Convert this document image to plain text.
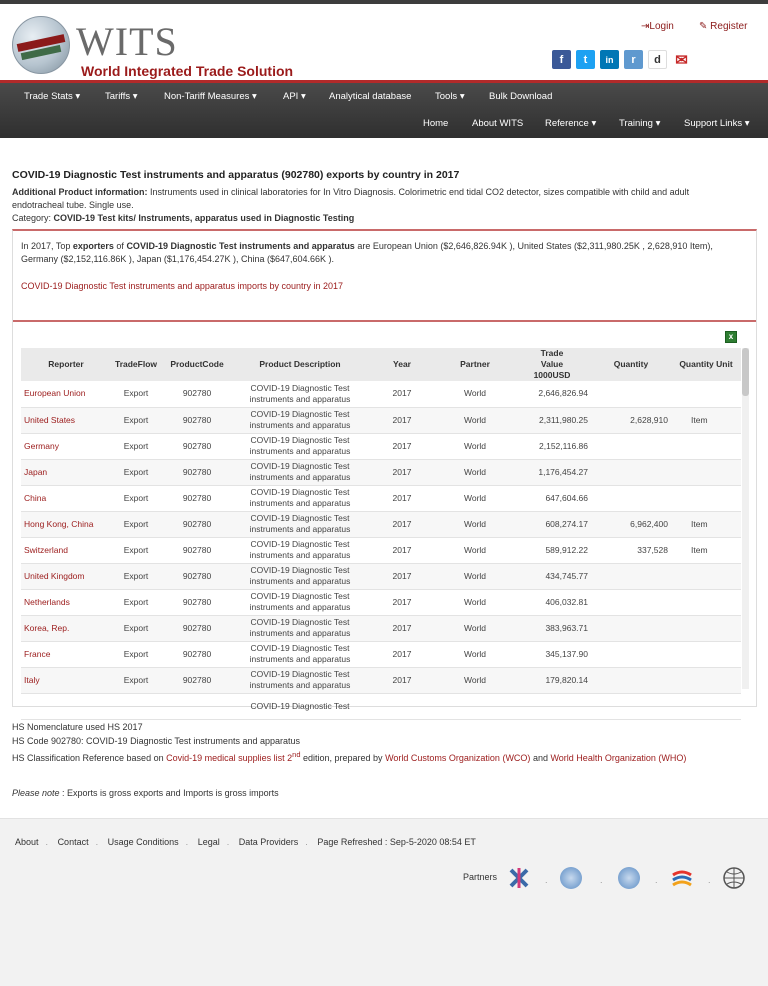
WITS
World Integrated Trade Solution
⇥Login	✎ Register
f	t	in	r	d ✉
Trade Stats ▾	Tariffs ▾	Non-Tariff Measures ▾	API ▾ Analytical database Tools ▾	Bulk Download
Home About WITS Reference ▾ Training ▾ Support Links ▾
COVID-19 Diagnostic Test instruments and apparatus (902780) exports by country in 2017
Additional Product information: Instruments used in clinical laboratories for In Vitro Diagnosis. Colorimetric end tidal CO2 detector, sizes compatible with child and adult endotracheal tube. Single use.
Category: COVID-19 Test kits/ Instruments, apparatus used in Diagnostic Testing
In 2017, Top exporters of COVID-19 Diagnostic Test instruments and apparatus are European Union ($2,646,826.94K ), United States ($2,311,980.25K , 2,628,910 Item), Germany ($2,152,116.86K ), Japan ($1,176,454.27K ), China ($647,604.66K ).
COVID-19 Diagnostic Test instruments and apparatus imports by country in 2017
x
Reporter	TradeFlow	ProductCode	Product Description	Year	Partner	Trade Value 1000USD	Quantity	Quantity Unit
European Union	Export	902780	COVID-19 Diagnostic Test instruments and apparatus	2017	World	2,646,826.94		
United States	Export	902780	COVID-19 Diagnostic Test instruments and apparatus	2017	World	2,311,980.25	2,628,910	Item
Germany	Export	902780	COVID-19 Diagnostic Test instruments and apparatus	2017	World	2,152,116.86		
Japan	Export	902780	COVID-19 Diagnostic Test instruments and apparatus	2017	World	1,176,454.27		
China	Export	902780	COVID-19 Diagnostic Test instruments and apparatus	2017	World	647,604.66		
Hong Kong, China	Export	902780	COVID-19 Diagnostic Test instruments and apparatus	2017	World	608,274.17	6,962,400	Item
Switzerland	Export	902780	COVID-19 Diagnostic Test instruments and apparatus	2017	World	589,912.22	337,528	Item
United Kingdom	Export	902780	COVID-19 Diagnostic Test instruments and apparatus	2017	World	434,745.77		
Netherlands	Export	902780	COVID-19 Diagnostic Test instruments and apparatus	2017	World	406,032.81		
Korea, Rep.	Export	902780	COVID-19 Diagnostic Test instruments and apparatus	2017	World	383,963.71		
France	Export	902780	COVID-19 Diagnostic Test instruments and apparatus	2017	World	345,137.90		
Italy	Export	902780	COVID-19 Diagnostic Test instruments and apparatus	2017	World	179,820.14		
			COVID-19 Diagnostic Test					
HS Nomenclature used HS 2017
HS Code 902780: COVID-19 Diagnostic Test instruments and apparatus
HS Classification Reference based on Covid-19 medical supplies list 2nd edition, prepared by World Customs Organization (WCO) and World Health Organization (WHO)
Please note : Exports is gross exports and Imports is gross imports
About . Contact . Usage Conditions . Legal . Data Providers . Page Refreshed : Sep-5-2020 08:54 ET
Partners	.	.	.	.
